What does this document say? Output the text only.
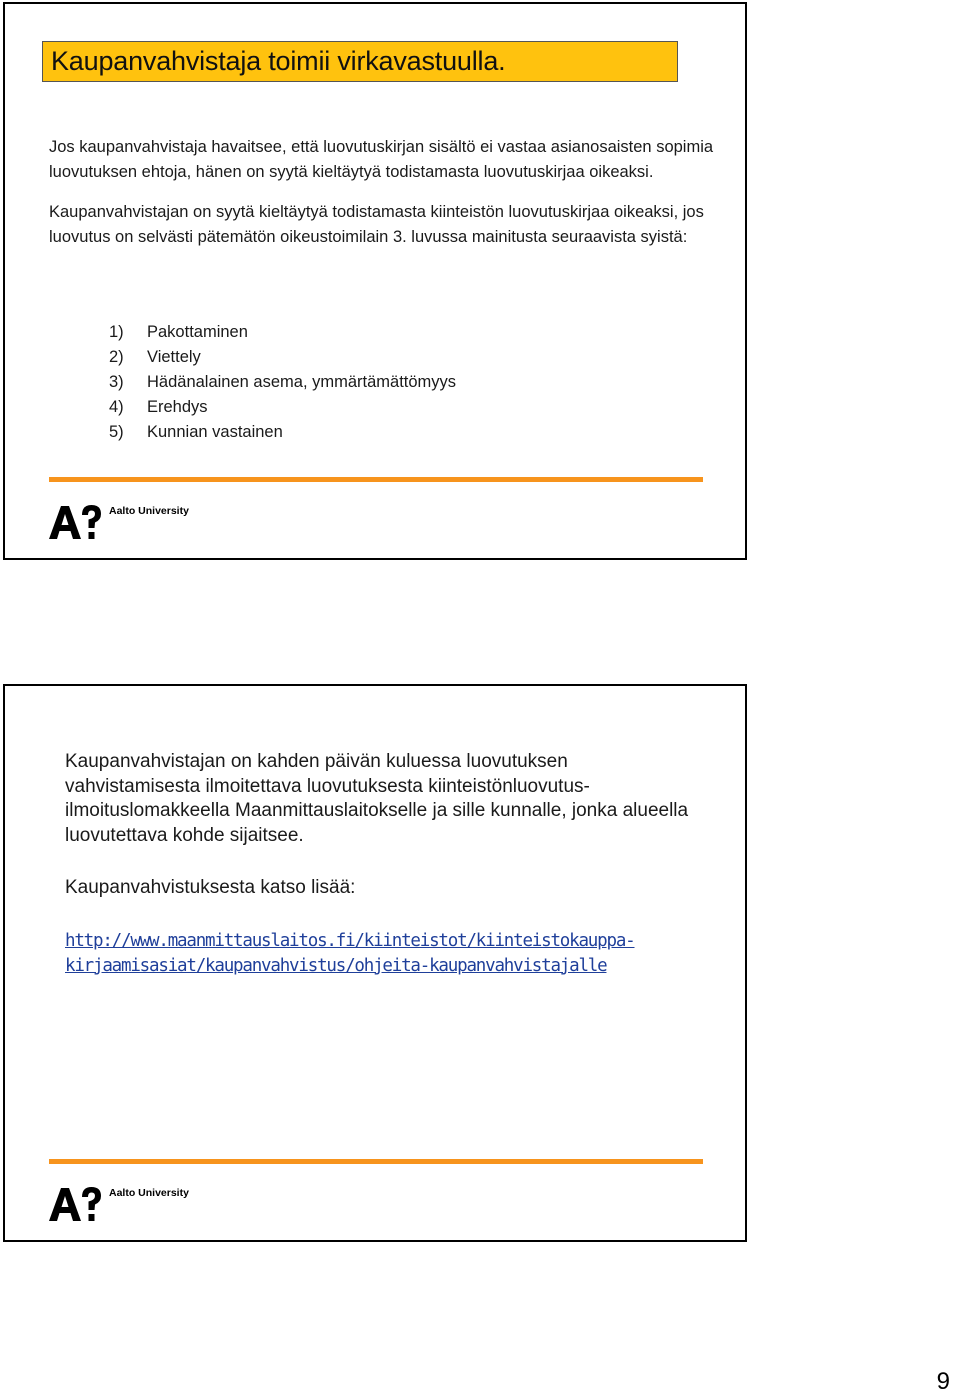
Kaupanvahvistaja toimii virkavastuulla.

Jos kaupanvahvistaja havaitsee, että luovutuskirjan sisältö ei vastaa asianosaisten sopimia luovutuksen ehtoja, hänen on syytä kieltäytyä todistamasta luovutuskirjaa oikeaksi.

Kaupanvahvistajan on syytä kieltäytyä todistamasta kiinteistön luovutuskirjaa oikeaksi, jos luovutus on selvästi pätemätön oikeustoimilain 3. luvussa mainitusta seuraavista syistä:

1)	Pakottaminen
2)	Viettely
3)	Hädänalainen asema, ymmärtämättömyys
4)	Erehdys
5)	Kunnian vastainen
Aalto University

Kaupanvahvistajan on kahden päivän kuluessa luovutuksen vahvistamisesta ilmoitettava luovutuksesta kiinteistönluovutus-ilmoituslomakkeella Maanmittauslaitokselle ja sille kunnalle, jonka alueella luovutettava kohde sijaitsee.

Kaupanvahvistuksesta katso lisää:

http://www.maanmittauslaitos.fi/kiinteistot/kiinteistokauppa-
kirjaamisasiat/kaupanvahvistus/ohjeita-kaupanvahvistajalle
Aalto University
9
